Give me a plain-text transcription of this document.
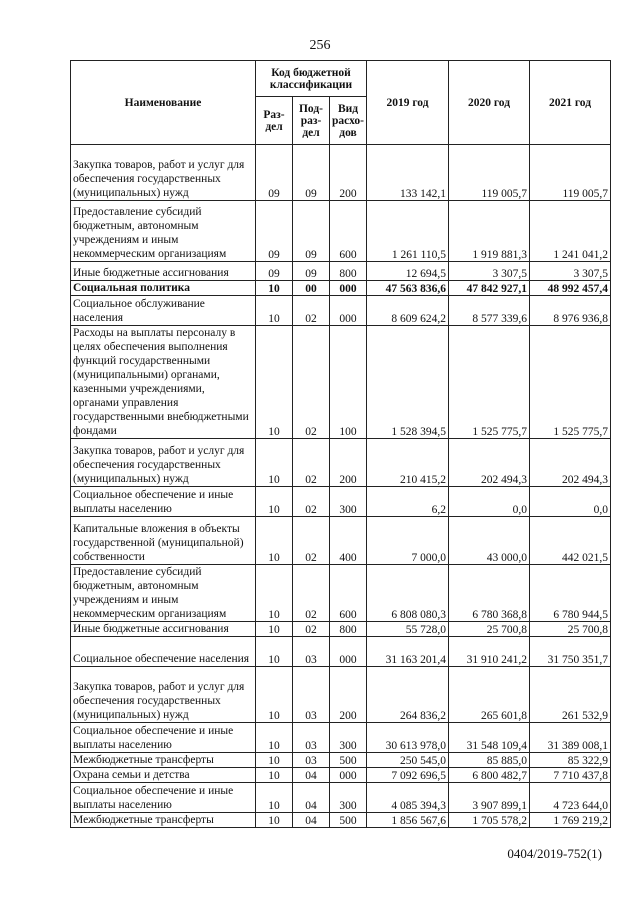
256
Наименование	Код бюджетной классификации			2019 год	2020 год	2021 год
	Раз-дел	Под-раз-дел	Вид расхо-дов			
Закупка товаров, работ и услуг для обеспечения государственных (муниципальных) нужд	09	09	200	133 142,1	119 005,7	119 005,7
Предоставление субсидий бюджетным, автономным учреждениям и иным некоммерческим организациям	09	09	600	1 261 110,5	1 919 881,3	1 241 041,2
Иные бюджетные ассигнования	09	09	800	12 694,5	3 307,5	3 307,5
Социальная политика	10	00	000	47 563 836,6	47 842 927,1	48 992 457,4
Социальное обслуживание населения	10	02	000	8 609 624,2	8 577 339,6	8 976 936,8
Расходы на выплаты персоналу в целях обеспечения выполнения функций государственными (муниципальными) органами, казенными учреждениями, органами управления государственными внебюджетными фондами	10	02	100	1 528 394,5	1 525 775,7	1 525 775,7
Закупка товаров, работ и услуг для обеспечения государственных (муниципальных) нужд	10	02	200	210 415,2	202 494,3	202 494,3
Социальное обеспечение и иные выплаты населению	10	02	300	6,2	0,0	0,0
Капитальные вложения в объекты государственной (муниципальной) собственности	10	02	400	7 000,0	43 000,0	442 021,5
Предоставление субсидий бюджетным, автономным учреждениям и иным некоммерческим организациям	10	02	600	6 808 080,3	6 780 368,8	6 780 944,5
Иные бюджетные ассигнования	10	02	800	55 728,0	25 700,8	25 700,8
Социальное обеспечение населения	10	03	000	31 163 201,4	31 910 241,2	31 750 351,7
Закупка товаров, работ и услуг для обеспечения государственных (муниципальных) нужд	10	03	200	264 836,2	265 601,8	261 532,9
Социальное обеспечение и иные выплаты населению	10	03	300	30 613 978,0	31 548 109,4	31 389 008,1
Межбюджетные трансферты	10	03	500	250 545,0	85 885,0	85 322,9
Охрана семьи и детства	10	04	000	7 092 696,5	6 800 482,7	7 710 437,8
Социальное обеспечение и иные выплаты населению	10	04	300	4 085 394,3	3 907 899,1	4 723 644,0
Межбюджетные трансферты	10	04	500	1 856 567,6	1 705 578,2	1 769 219,2
0404/2019-752(1)
